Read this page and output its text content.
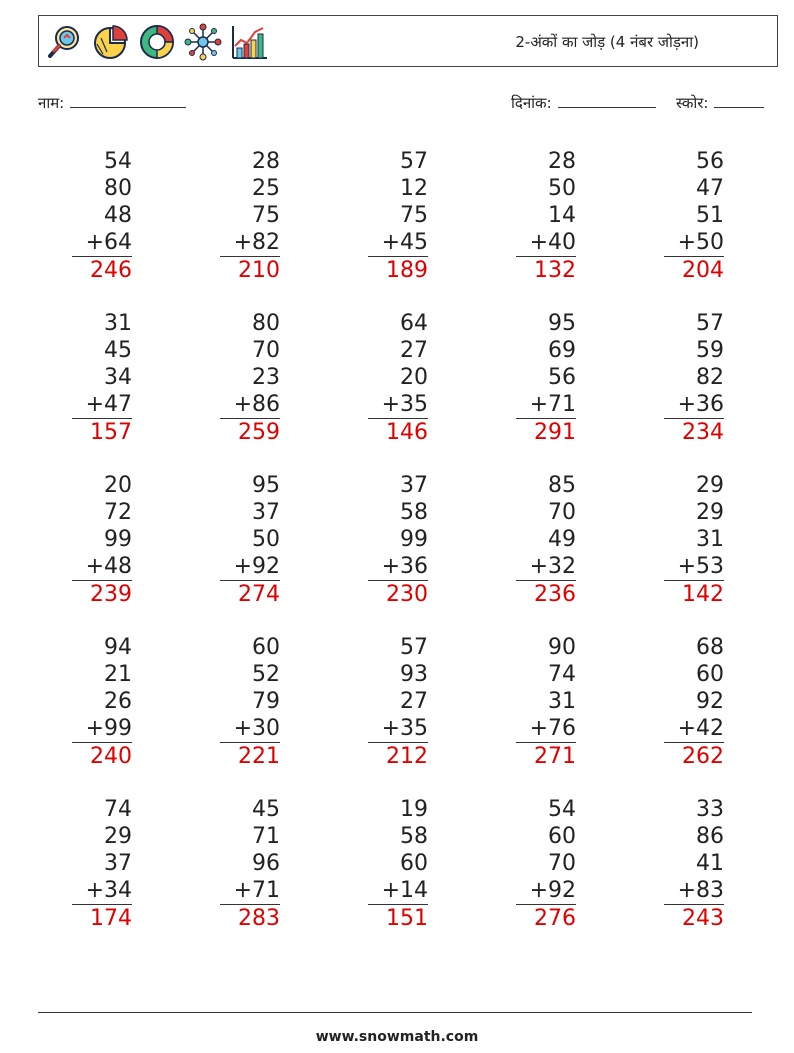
2-अंकों का जोड़ (4 नंबर जोड़ना)
नाम:	दिनांक:	स्कोर:
54
80
48
+64
246
28
25
75
+82
210
57
12
75
+45
189
28
50
14
+40
132
56
47
51
+50
204
31
45
34
+47
157
80
70
23
+86
259
64
27
20
+35
146
95
69
56
+71
291
57
59
82
+36
234
20
72
99
+48
239
95
37
50
+92
274
37
58
99
+36
230
85
70
49
+32
236
29
29
31
+53
142
94
21
26
+99
240
60
52
79
+30
221
57
93
27
+35
212
90
74
31
+76
271
68
60
92
+42
262
74
29
37
+34
174
45
71
96
+71
283
19
58
60
+14
151
54
60
70
+92
276
33
86
41
+83
243
www.snowmath.com
